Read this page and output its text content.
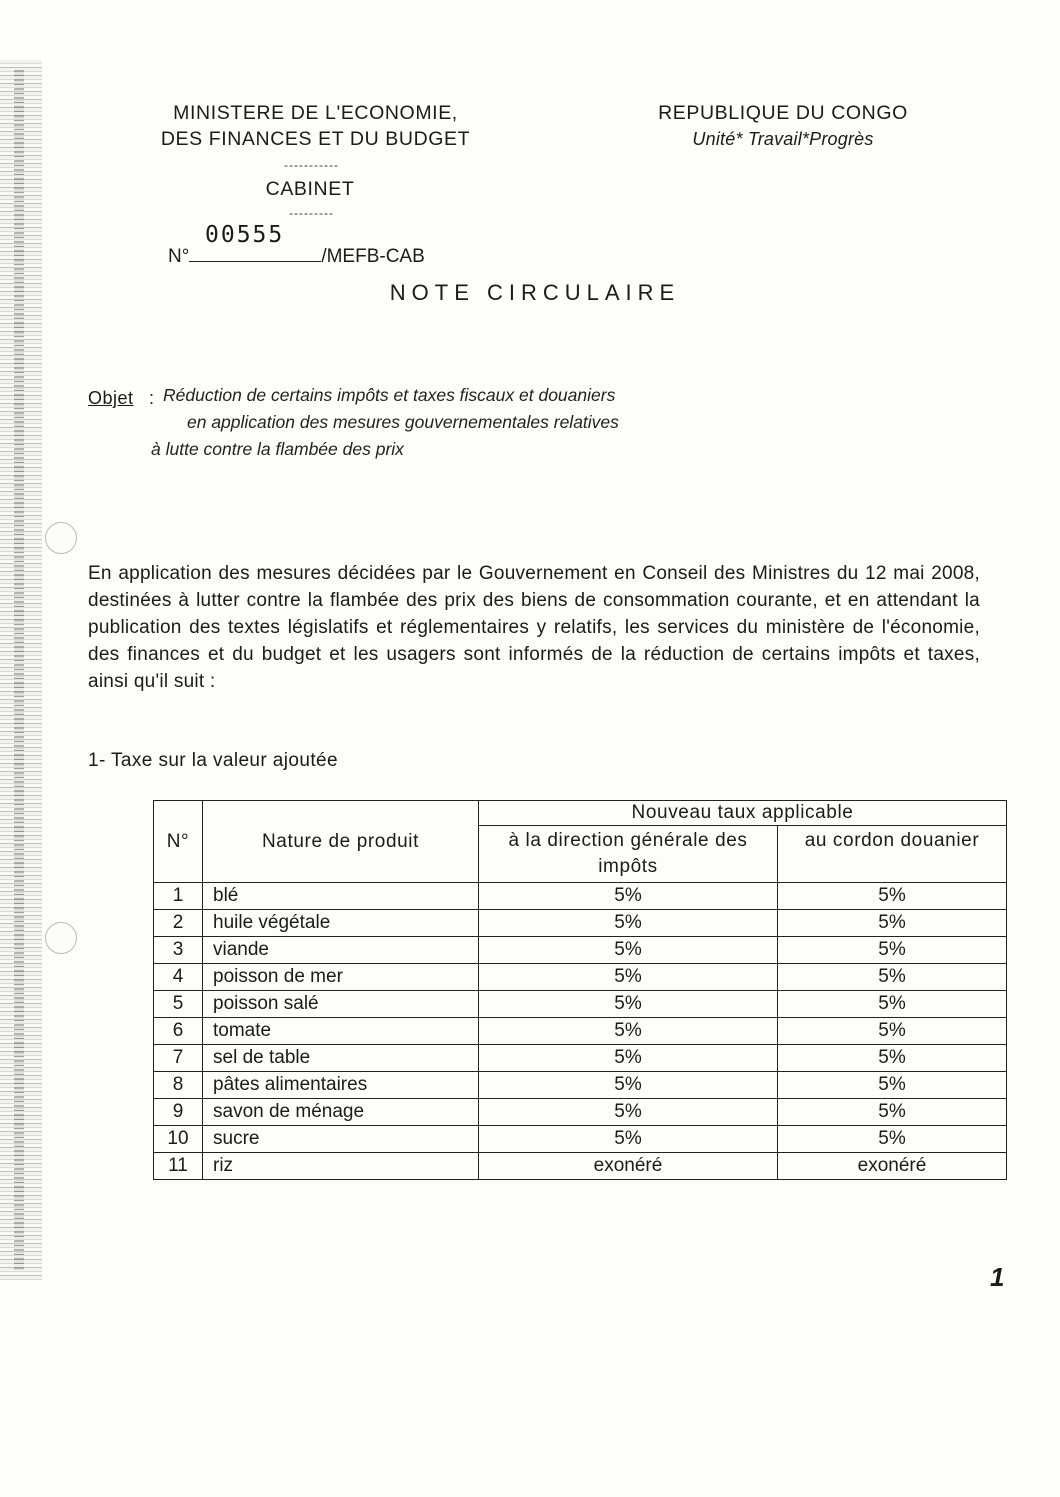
MINISTERE DE L'ECONOMIE,
DES FINANCES ET DU BUDGET
-----------
CABINET
---------
REPUBLIQUE DU CONGO
Unité* Travail*Progrès
00555
N°	/MEFB-CAB
NOTE CIRCULAIRE
Objet : Réduction de certains impôts et taxes fiscaux et douaniers
en application des mesures gouvernementales relatives
à lutte contre la flambée des prix
En application des mesures décidées par le Gouvernement en Conseil des Ministres du 12 mai 2008, destinées à lutter contre la flambée des prix des biens de consommation courante, et en attendant la publication des textes législatifs et réglementaires y relatifs, les services du ministère de l'économie, des finances et du budget et les usagers sont informés de la réduction de certains impôts et taxes, ainsi qu'il suit :
1- Taxe sur la valeur ajoutée
N°	Nature de produit	Nouveau taux applicable	
		à la direction générale des impôts	au cordon douanier
1	blé	5%	5%
2	huile végétale	5%	5%
3	viande	5%	5%
4	poisson de mer	5%	5%
5	poisson salé	5%	5%
6	tomate	5%	5%
7	sel de table	5%	5%
8	pâtes alimentaires	5%	5%
9	savon de ménage	5%	5%
10	sucre	5%	5%
11	riz	exonéré	exonéré
1
